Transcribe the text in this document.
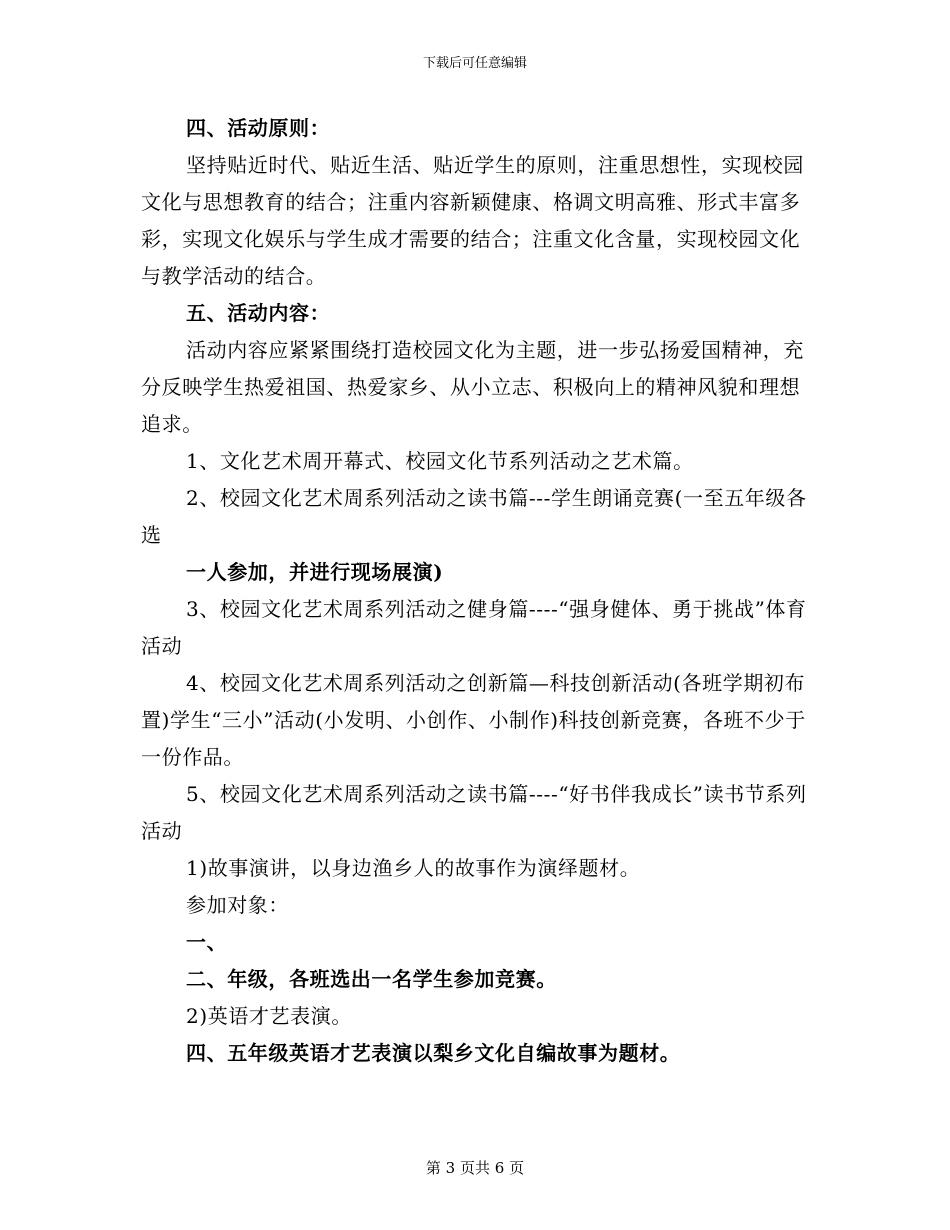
下载后可任意编辑

四、活动原则：

坚持贴近时代、贴近生活、贴近学生的原则，注重思想性，实现校园文化与思想教育的结合；注重内容新颖健康、格调文明高雅、形式丰富多彩，实现文化娱乐与学生成才需要的结合；注重文化含量，实现校园文化与教学活动的结合。

五、活动内容：

活动内容应紧紧围绕打造校园文化为主题，进一步弘扬爱国精神，充分反映学生热爱祖国、热爱家乡、从小立志、积极向上的精神风貌和理想追求。

1、文化艺术周开幕式、校园文化节系列活动之艺术篇。

2、校园文化艺术周系列活动之读书篇---学生朗诵竞赛(一至五年级各选

一人参加，并进行现场展演)

3、校园文化艺术周系列活动之健身篇----“强身健体、勇于挑战”体育活动

4、校园文化艺术周系列活动之创新篇—科技创新活动(各班学期初布置)学生“三小”活动(小发明、小创作、小制作)科技创新竞赛，各班不少于一份作品。

5、校园文化艺术周系列活动之读书篇----“好书伴我成长”读书节系列活动

1)故事演讲，以身边渔乡人的故事作为演绎题材。

参加对象：

一、

二、年级，各班选出一名学生参加竞赛。

2)英语才艺表演。

四、五年级英语才艺表演以梨乡文化自编故事为题材。

第 3 页共 6 页
